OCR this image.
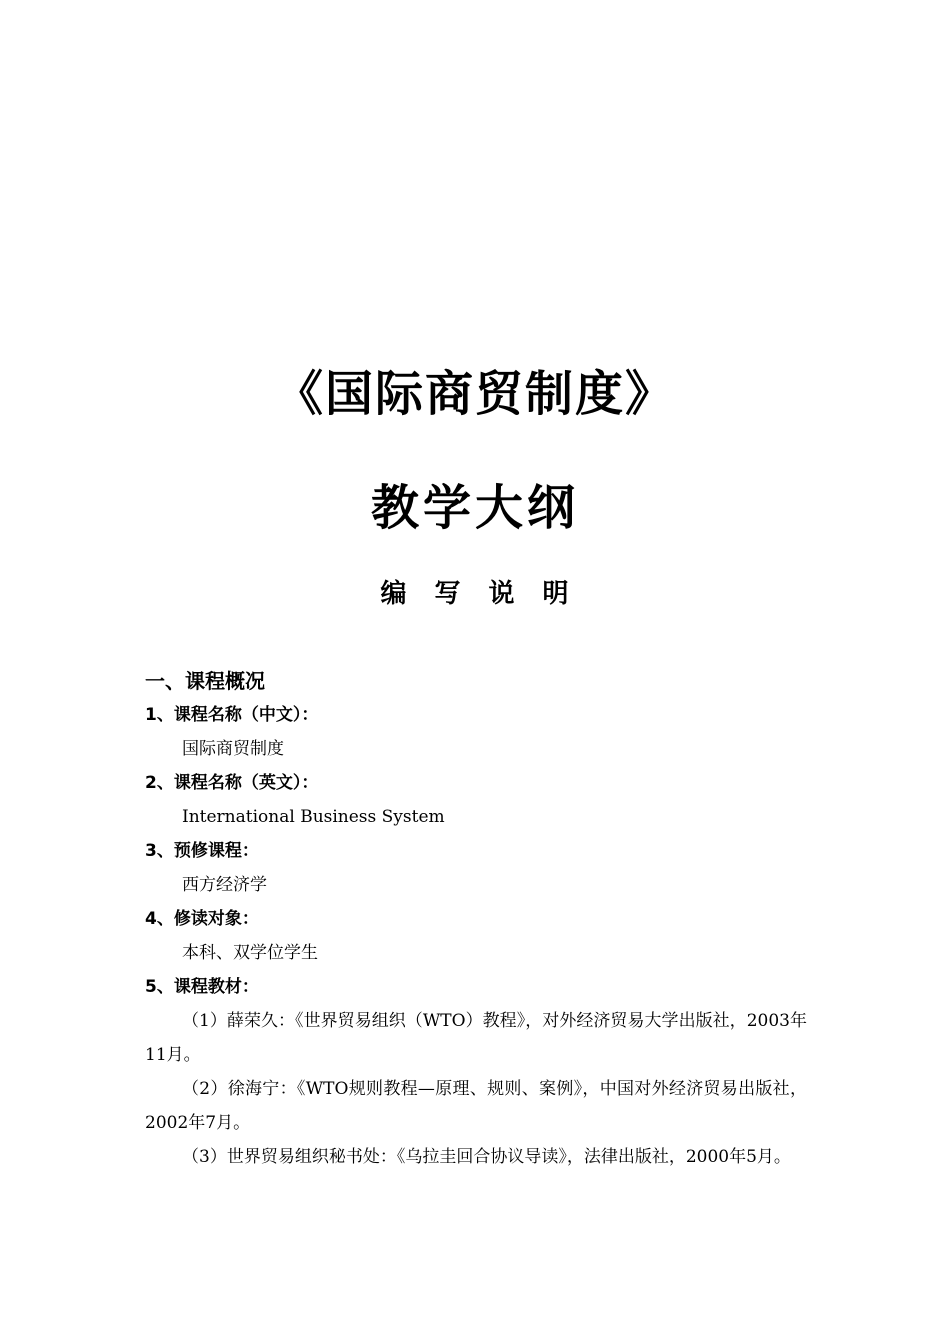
《国际商贸制度》
教学大纲
编　写　说　明

一、课程概况

1、课程名称（中文）：

国际商贸制度

2、课程名称（英文）：

International Business System

3、预修课程：

西方经济学

4、修读对象：

本科、双学位学生

5、课程教材：

（1）薛荣久：《世界贸易组织（WTO）教程》，对外经济贸易大学出版社，2003年11月。

（2）徐海宁：《WTO规则教程—原理、规则、案例》，中国对外经济贸易出版社，2002年7月。

（3）世界贸易组织秘书处：《乌拉圭回合协议导读》，法律出版社，2000年5月。
